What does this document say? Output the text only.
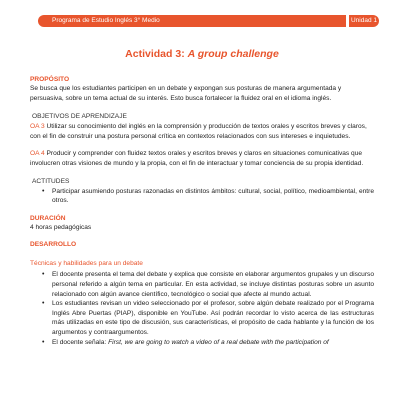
Programa de Estudio Inglés 3° Medio	Unidad 1
Actividad 3: A group challenge

PROPÓSITO

Se busca que los estudiantes participen en un debate y expongan sus posturas de manera argumentada y persuasiva, sobre un tema actual de su interés. Esto busca fortalecer la fluidez oral en el idioma inglés.

OBJETIVOS DE APRENDIZAJE

OA 3 Utilizar su conocimiento del inglés en la comprensión y producción de textos orales y escritos breves y claros, con el fin de construir una postura personal crítica en contextos relacionados con sus intereses e inquietudes.

OA 4 Producir y comprender con fluidez textos orales y escritos breves y claros en situaciones comunicativas que involucren otras visiones de mundo y la propia, con el fin de interactuar y tomar conciencia de su propia identidad.

ACTITUDES

• Participar asumiendo posturas razonadas en distintos ámbitos: cultural, social, político, medioambiental, entre otros.

DURACIÓN

4 horas pedagógicas

DESARROLLO

Técnicas y habilidades para un debate

• El docente presenta el tema del debate y explica que consiste en elaborar argumentos grupales y un discurso personal referido a algún tema en particular. En esta actividad, se incluye distintas posturas sobre un asunto relacionado con algún avance científico, tecnológico o social que afecte al mundo actual.
• Los estudiantes revisan un video seleccionado por el profesor, sobre algún debate realizado por el Programa Inglés Abre Puertas (PIAP), disponible en YouTube. Así podrán recordar lo visto acerca de las estructuras más utilizadas en este tipo de discusión, sus características, el propósito de cada hablante y la función de los argumentos y contraargumentos.
• El docente señala: First, we are going to watch a video of a real debate with the participation of
